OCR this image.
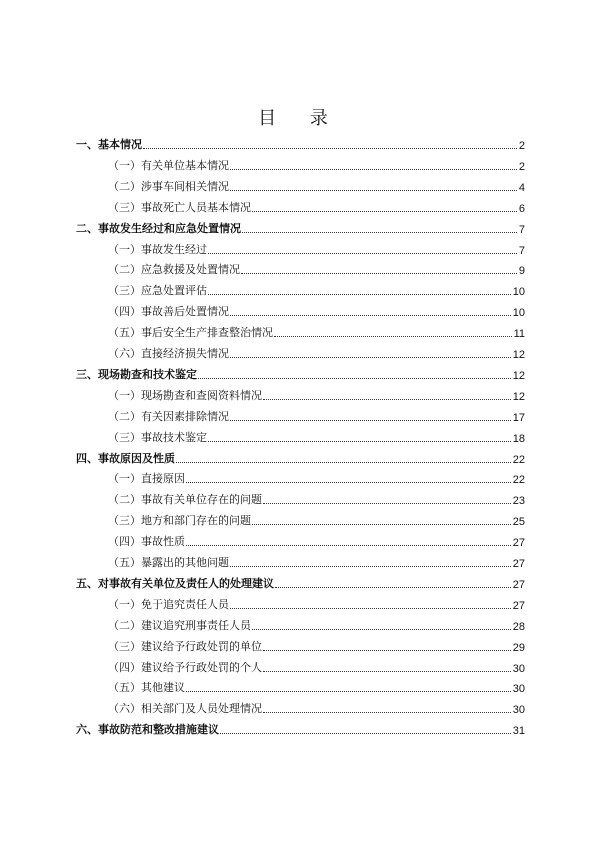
目 录
一、基本情况	2
（一）有关单位基本情况	2
（二）涉事车间相关情况	4
（三）事故死亡人员基本情况	6
二、事故发生经过和应急处置情况	7
（一）事故发生经过	7
（二）应急救援及处置情况	9
（三）应急处置评估	10
（四）事故善后处置情况	10
（五）事后安全生产排查整治情况	11
（六）直接经济损失情况	12
三、现场勘查和技术鉴定	12
（一）现场勘查和查阅资料情况	12
（二）有关因素排除情况	17
（三）事故技术鉴定	18
四、事故原因及性质	22
（一）直接原因	22
（二）事故有关单位存在的问题	23
（三）地方和部门存在的问题	25
（四）事故性质	27
（五）暴露出的其他问题	27
五、对事故有关单位及责任人的处理建议	27
（一）免于追究责任人员	27
（二）建议追究刑事责任人员	28
（三）建议给予行政处罚的单位	29
（四）建议给予行政处罚的个人	30
（五）其他建议	30
（六）相关部门及人员处理情况	30
六、事故防范和整改措施建议	31
